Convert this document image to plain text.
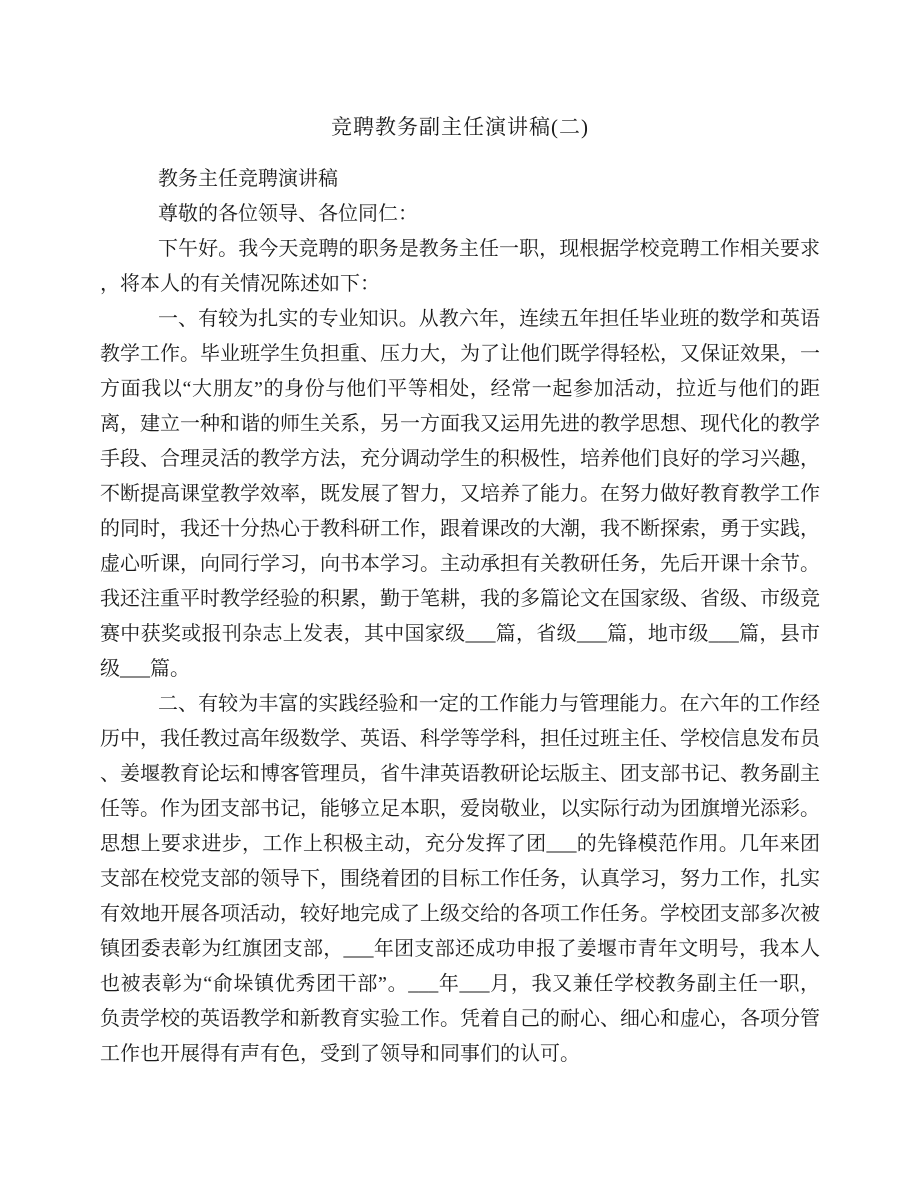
竞聘教务副主任演讲稿(二)

教务主任竞聘演讲稿

尊敬的各位领导、各位同仁：

下午好。我今天竞聘的职务是教务主任一职，现根据学校竞聘工作相关要求
，将本人的有关情况陈述如下：

一、有较为扎实的专业知识。从教六年，连续五年担任毕业班的数学和英语
教学工作。毕业班学生负担重、压力大，为了让他们既学得轻松，又保证效果，一
方面我以“大朋友”的身份与他们平等相处，经常一起参加活动，拉近与他们的距
离，建立一种和谐的师生关系，另一方面我又运用先进的教学思想、现代化的教学
手段、合理灵活的教学方法，充分调动学生的积极性，培养他们良好的学习兴趣，
不断提高课堂教学效率，既发展了智力，又培养了能力。在努力做好教育教学工作
的同时，我还十分热心于教科研工作，跟着课改的大潮，我不断探索，勇于实践，
虚心听课，向同行学习，向书本学习。主动承担有关教研任务，先后开课十余节。
我还注重平时教学经验的积累，勤于笔耕，我的多篇论文在国家级、省级、市级竞
赛中获奖或报刊杂志上发表，其中国家级___篇，省级___篇，地市级___篇，县市
级___篇。

二、有较为丰富的实践经验和一定的工作能力与管理能力。在六年的工作经
历中，我任教过高年级数学、英语、科学等学科，担任过班主任、学校信息发布员
、姜堰教育论坛和博客管理员，省牛津英语教研论坛版主、团支部书记、教务副主
任等。作为团支部书记，能够立足本职，爱岗敬业，以实际行动为团旗增光添彩。
思想上要求进步，工作上积极主动，充分发挥了团___的先锋模范作用。几年来团
支部在校党支部的领导下，围绕着团的目标工作任务，认真学习，努力工作，扎实
有效地开展各项活动，较好地完成了上级交给的各项工作任务。学校团支部多次被
镇团委表彰为红旗团支部，___年团支部还成功申报了姜堰市青年文明号，我本人
也被表彰为“俞垛镇优秀团干部”。___年___月，我又兼任学校教务副主任一职，
负责学校的英语教学和新教育实验工作。凭着自己的耐心、细心和虚心，各项分管
工作也开展得有声有色，受到了领导和同事们的认可。
